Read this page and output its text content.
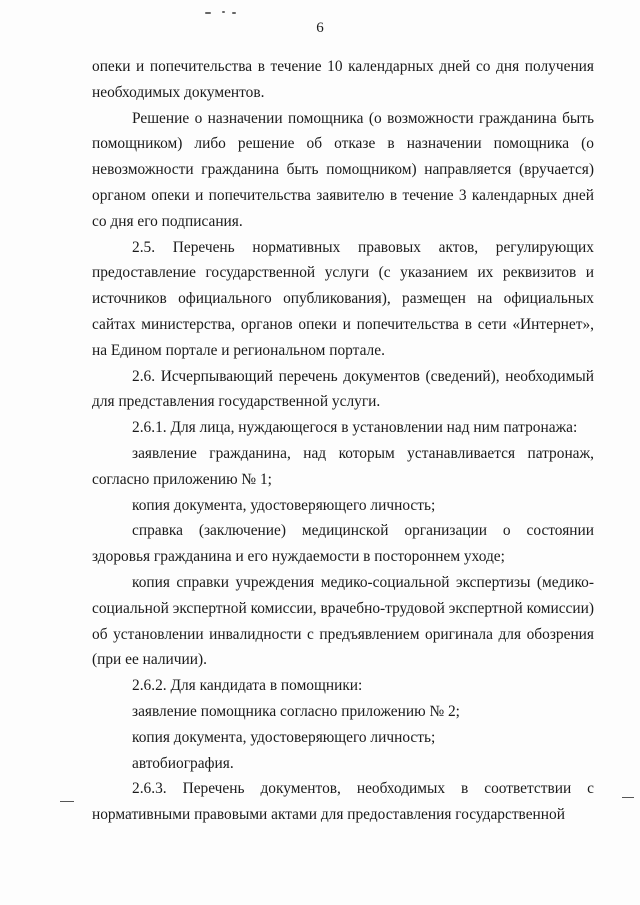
6

опеки и попечительства в течение 10 календарных дней со дня получения необходимых документов.

Решение о назначении помощника (о возможности гражданина быть помощником) либо решение об отказе в назначении помощника (о невозможности гражданина быть помощником) направляется (вручается) органом опеки и попечительства заявителю в течение 3 календарных дней со дня его подписания.

2.5. Перечень нормативных правовых актов, регулирующих предоставление государственной услуги (с указанием их реквизитов и источников официального опубликования), размещен на официальных сайтах министерства, органов опеки и попечительства в сети «Интернет», на Едином портале и региональном портале.

2.6. Исчерпывающий перечень документов (сведений), необходимый для представления государственной услуги.

2.6.1. Для лица, нуждающегося в установлении над ним патронажа:

заявление гражданина, над которым устанавливается патронаж, согласно приложению № 1;

копия документа, удостоверяющего личность;

справка (заключение) медицинской организации о состоянии здоровья гражданина и его нуждаемости в постороннем уходе;

копия справки учреждения медико-социальной экспертизы (медико-социальной экспертной комиссии, врачебно-трудовой экспертной комиссии) об установлении инвалидности с предъявлением оригинала для обозрения (при ее наличии).

2.6.2. Для кандидата в помощники:

заявление помощника согласно приложению № 2;

копия документа, удостоверяющего личность;

автобиография.

2.6.3. Перечень документов, необходимых в соответствии с нормативными правовыми актами для предоставления государственной
